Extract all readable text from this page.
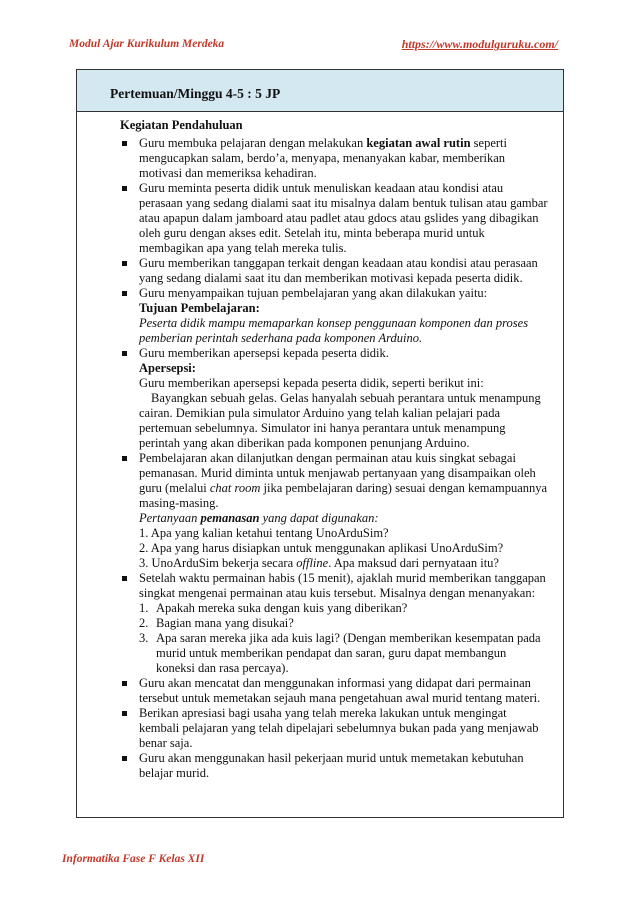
Modul Ajar Kurikulum Merdeka	https://www.modulguruku.com/
Pertemuan/Minggu 4-5 : 5 JP

Kegiatan Pendahuluan

Guru membuka pelajaran dengan melakukan kegiatan awal rutin seperti mengucapkan salam, berdo’a, menyapa, menanyakan kabar, memberikan motivasi dan memeriksa kehadiran.
Guru meminta peserta didik untuk menuliskan keadaan atau kondisi atau perasaan yang sedang dialami saat itu misalnya dalam bentuk tulisan atau gambar atau apapun dalam jamboard atau padlet atau gdocs atau gslides yang dibagikan oleh guru dengan akses edit. Setelah itu, minta beberapa murid untuk membagikan apa yang telah mereka tulis.
Guru memberikan tanggapan terkait dengan keadaan atau kondisi atau perasaan yang sedang dialami saat itu dan memberikan motivasi kepada peserta didik.
Guru menyampaikan tujuan pembelajaran yang akan dilakukan yaitu:
Tujuan Pembelajaran:
Peserta didik mampu memaparkan konsep penggunaan komponen dan proses pemberian perintah sederhana pada komponen Arduino.
Guru memberikan apersepsi kepada peserta didik.
Apersepsi:
Guru memberikan apersepsi kepada peserta didik, seperti berikut ini:
Bayangkan sebuah gelas. Gelas hanyalah sebuah perantara untuk menampung cairan. Demikian pula simulator Arduino yang telah kalian pelajari pada pertemuan sebelumnya. Simulator ini hanya perantara untuk menampung perintah yang akan diberikan pada komponen penunjang Arduino.
Pembelajaran akan dilanjutkan dengan permainan atau kuis singkat sebagai pemanasan. Murid diminta untuk menjawab pertanyaan yang disampaikan oleh guru (melalui chat room jika pembelajaran daring) sesuai dengan kemampuannya masing-masing.
Pertanyaan pemanasan yang dapat digunakan:
1. Apa yang kalian ketahui tentang UnoArduSim?
2. Apa yang harus disiapkan untuk menggunakan aplikasi UnoArduSim?
3. UnoArduSim bekerja secara offline. Apa maksud dari pernyataan itu?
Setelah waktu permainan habis (15 menit), ajaklah murid memberikan tanggapan singkat mengenai permainan atau kuis tersebut. Misalnya dengan menanyakan:
1. Apakah mereka suka dengan kuis yang diberikan?
2. Bagian mana yang disukai?
3. Apa saran mereka jika ada kuis lagi? (Dengan memberikan kesempatan pada murid untuk memberikan pendapat dan saran, guru dapat membangun koneksi dan rasa percaya).
Guru akan mencatat dan menggunakan informasi yang didapat dari permainan tersebut untuk memetakan sejauh mana pengetahuan awal murid tentang materi.
Berikan apresiasi bagi usaha yang telah mereka lakukan untuk mengingat kembali pelajaran yang telah dipelajari sebelumnya bukan pada yang menjawab benar saja.
Guru akan menggunakan hasil pekerjaan murid untuk memetakan kebutuhan belajar murid.
Informatika Fase F Kelas XII
